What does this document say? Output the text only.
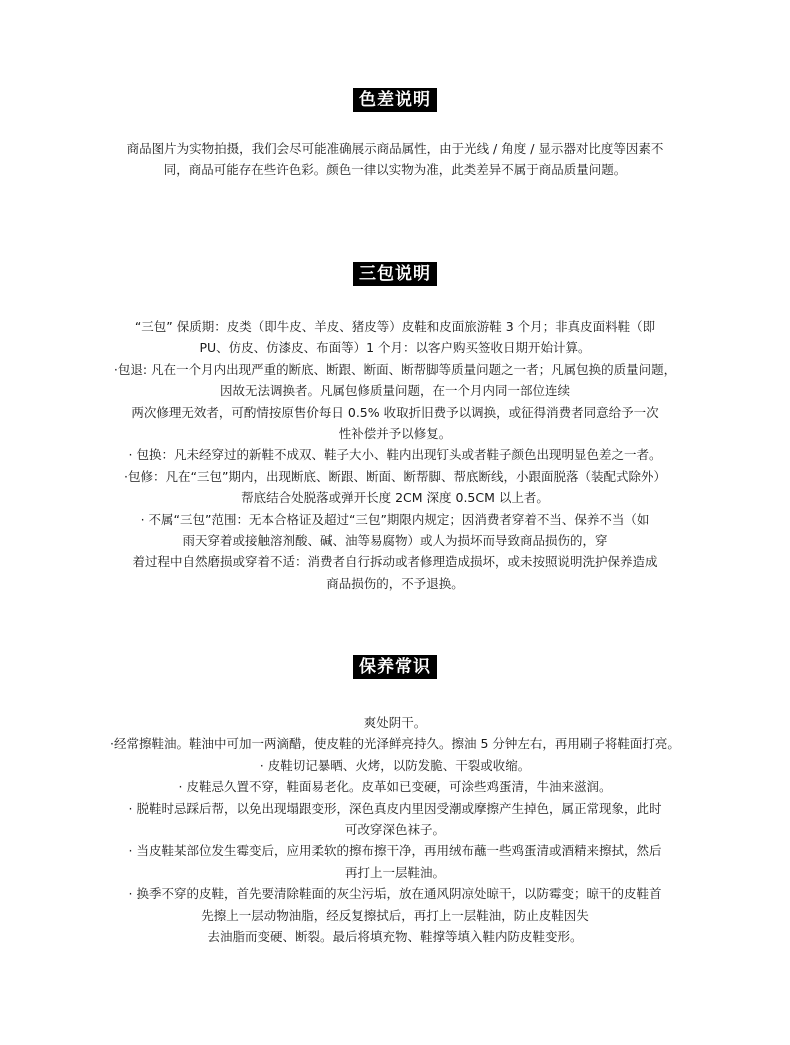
色差说明
商品图片为实物拍摄，我们会尽可能准确展示商品属性，由于光线 / 角度 / 显示器对比度等因素不
同，商品可能存在些许色彩。颜色一律以实物为准，此类差异不属于商品质量问题。
三包说明
“三包” 保质期：皮类（即牛皮、羊皮、猪皮等）皮鞋和皮面旅游鞋 3 个月；非真皮面料鞋（即
PU、仿皮、仿漆皮、布面等）1 个月：以客户购买签收日期开始计算。
·包退: 凡在一个月内出现严重的断底、断跟、断面、断帮脚等质量问题之一者；凡属包换的质量问题，
因故无法调换者。凡属包修质量问题，在一个月内同一部位连续
两次修理无效者，可酌情按原售价每日 0.5% 收取折旧费予以调换，或征得消费者同意给予一次
性补偿并予以修复。
· 包换：凡未经穿过的新鞋不成双、鞋子大小、鞋内出现钉头或者鞋子颜色出现明显色差之一者。
·包修：凡在“三包”期内，出现断底、断跟、断面、断帮脚、帮底断线，小跟面脱落（装配式除外）
帮底结合处脱落或弹开长度 2CM 深度 0.5CM 以上者。
· 不属“三包”范围：无本合格证及超过“三包”期限内规定；因消费者穿着不当、保养不当（如
雨天穿着或接触溶剂酸、碱、油等易腐物）或人为损坏而导致商品损伤的，穿
着过程中自然磨损或穿着不适：消费者自行拆动或者修理造成损坏，或未按照说明洗护保养造成
商品损伤的，不予退换。
保养常识
爽处阴干。
·经常擦鞋油。鞋油中可加一两滴醋，使皮鞋的光泽鲜亮持久。擦油 5 分钟左右，再用刷子将鞋面打亮。
· 皮鞋切记暴晒、火烤，以防发脆、干裂或收缩。
· 皮鞋忌久置不穿，鞋面易老化。皮革如已变硬，可涂些鸡蛋清，牛油来滋润。
· 脱鞋时忌踩后帮，以免出现塌跟变形，深色真皮内里因受潮或摩擦产生掉色，属正常现象，此时
可改穿深色袜子。
· 当皮鞋某部位发生霉变后，应用柔软的擦布擦干净，再用绒布蘸一些鸡蛋清或酒精来擦拭，然后
再打上一层鞋油。
· 换季不穿的皮鞋，首先要清除鞋面的灰尘污垢，放在通风阴凉处晾干，以防霉变；晾干的皮鞋首
先擦上一层动物油脂，经反复擦拭后，再打上一层鞋油，防止皮鞋因失
去油脂而变硬、断裂。最后将填充物、鞋撑等填入鞋内防皮鞋变形。
